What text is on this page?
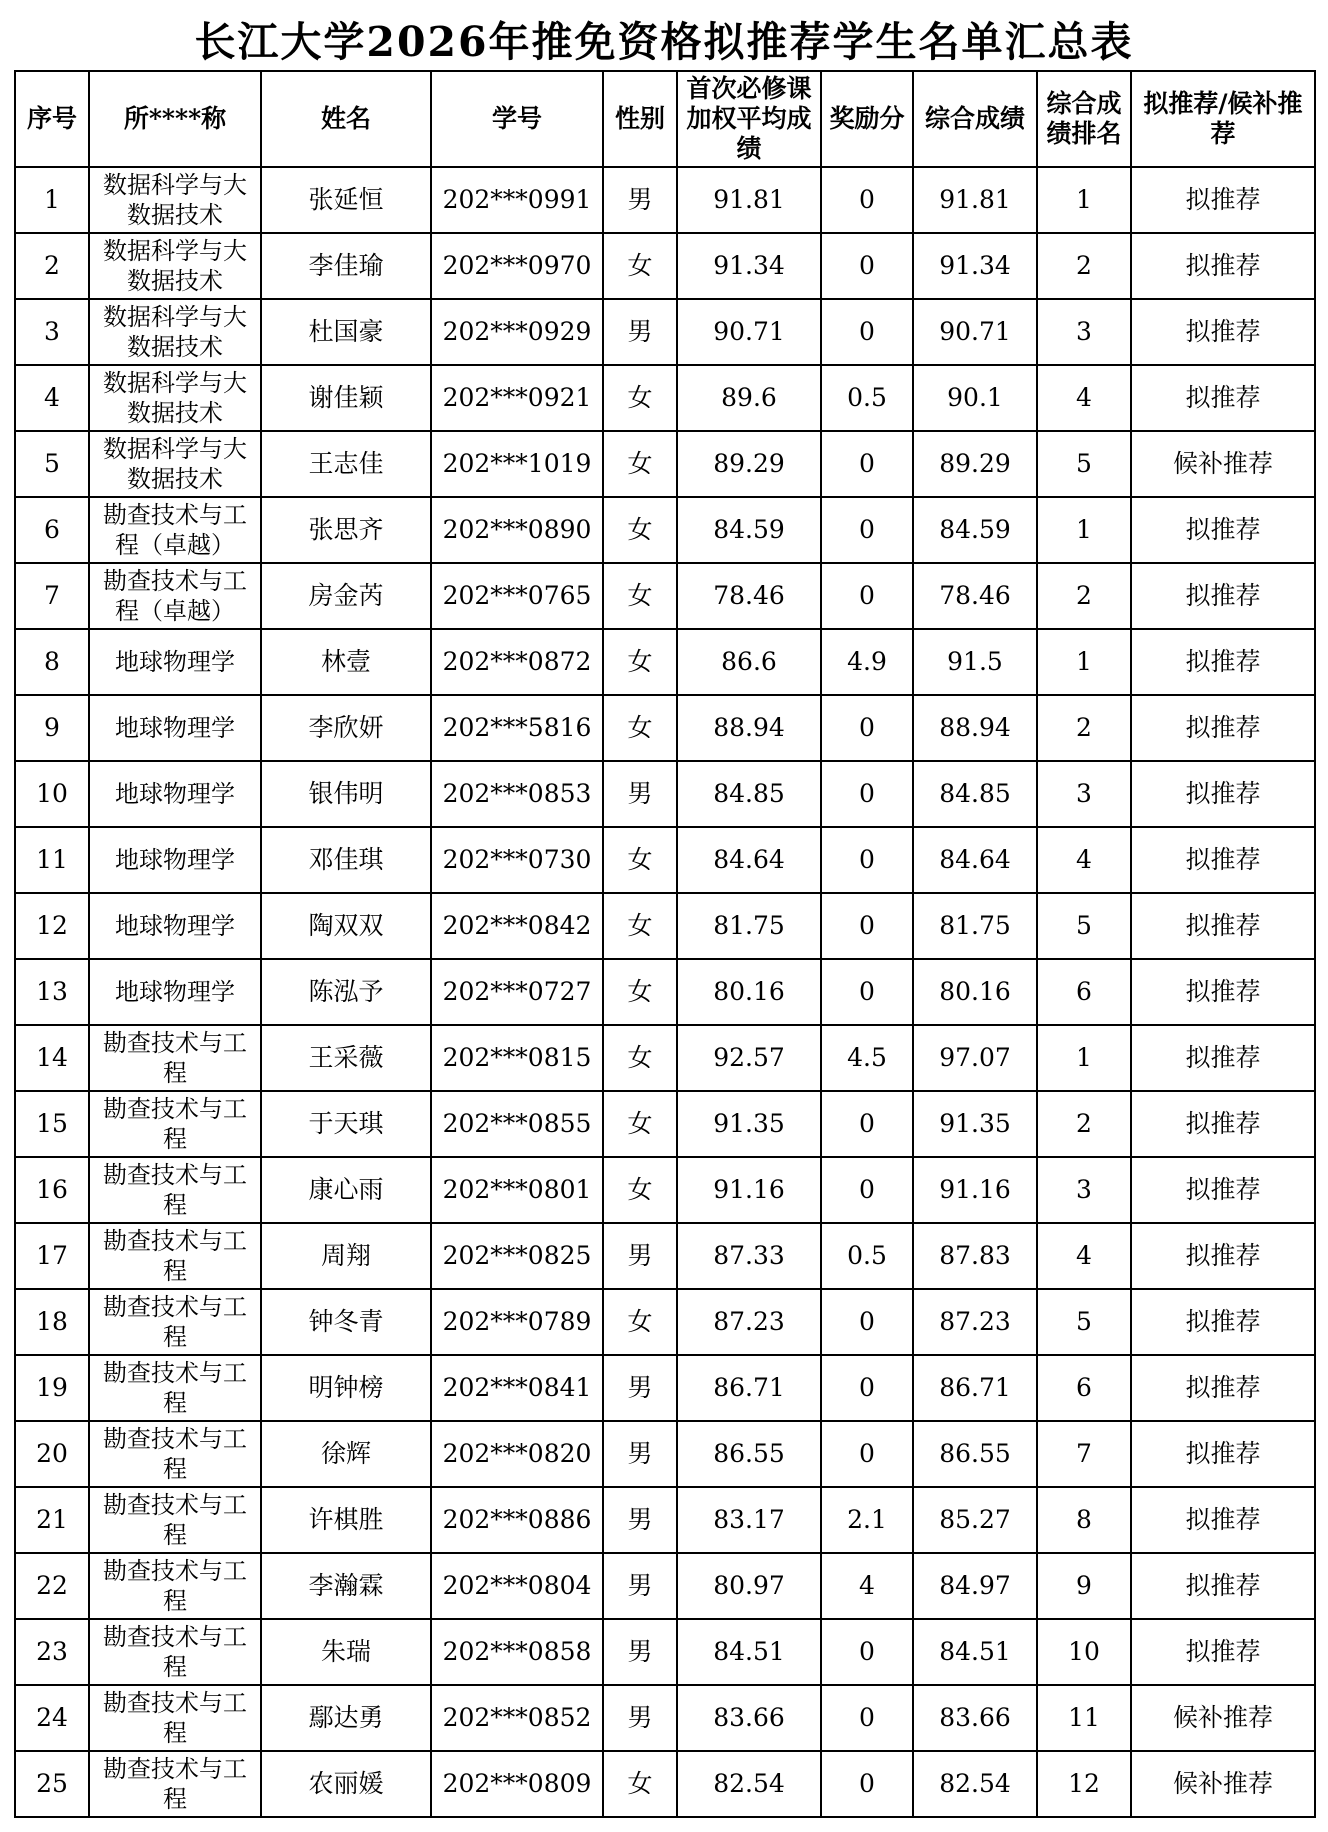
长江大学2026年推免资格拟推荐学生名单汇总表
序号	所****称	姓名	学号	性别	首次必修课加权平均成绩	奖励分	综合成绩	综合成绩排名	拟推荐/候补推荐
1	数据科学与大数据技术	张延恒	202***0991	男	91.81	0	91.81	1	拟推荐
2	数据科学与大数据技术	李佳瑜	202***0970	女	91.34	0	91.34	2	拟推荐
3	数据科学与大数据技术	杜国豪	202***0929	男	90.71	0	90.71	3	拟推荐
4	数据科学与大数据技术	谢佳颖	202***0921	女	89.6	0.5	90.1	4	拟推荐
5	数据科学与大数据技术	王志佳	202***1019	女	89.29	0	89.29	5	候补推荐
6	勘查技术与工程（卓越）	张思齐	202***0890	女	84.59	0	84.59	1	拟推荐
7	勘查技术与工程（卓越）	房金芮	202***0765	女	78.46	0	78.46	2	拟推荐
8	地球物理学	林壹	202***0872	女	86.6	4.9	91.5	1	拟推荐
9	地球物理学	李欣妍	202***5816	女	88.94	0	88.94	2	拟推荐
10	地球物理学	银伟明	202***0853	男	84.85	0	84.85	3	拟推荐
11	地球物理学	邓佳琪	202***0730	女	84.64	0	84.64	4	拟推荐
12	地球物理学	陶双双	202***0842	女	81.75	0	81.75	5	拟推荐
13	地球物理学	陈泓予	202***0727	女	80.16	0	80.16	6	拟推荐
14	勘查技术与工程	王采薇	202***0815	女	92.57	4.5	97.07	1	拟推荐
15	勘查技术与工程	于天琪	202***0855	女	91.35	0	91.35	2	拟推荐
16	勘查技术与工程	康心雨	202***0801	女	91.16	0	91.16	3	拟推荐
17	勘查技术与工程	周翔	202***0825	男	87.33	0.5	87.83	4	拟推荐
18	勘查技术与工程	钟冬青	202***0789	女	87.23	0	87.23	5	拟推荐
19	勘查技术与工程	明钟榜	202***0841	男	86.71	0	86.71	6	拟推荐
20	勘查技术与工程	徐辉	202***0820	男	86.55	0	86.55	7	拟推荐
21	勘查技术与工程	许棋胜	202***0886	男	83.17	2.1	85.27	8	拟推荐
22	勘查技术与工程	李瀚霖	202***0804	男	80.97	4	84.97	9	拟推荐
23	勘查技术与工程	朱瑞	202***0858	男	84.51	0	84.51	10	拟推荐
24	勘查技术与工程	鄢达勇	202***0852	男	83.66	0	83.66	11	候补推荐
25	勘查技术与工程	农丽媛	202***0809	女	82.54	0	82.54	12	候补推荐
